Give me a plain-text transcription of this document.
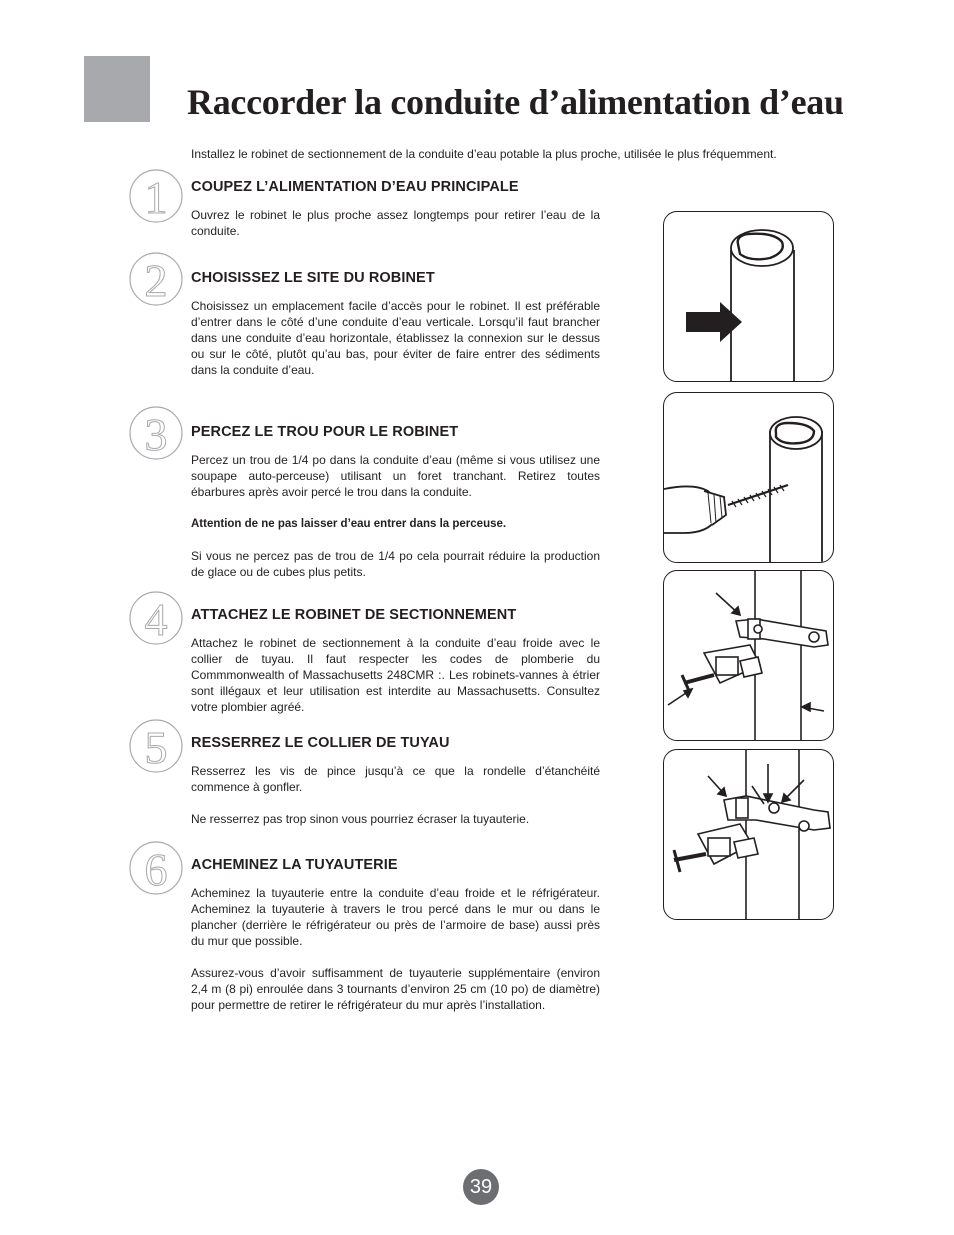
Raccorder la conduite d’alimentation d’eau

Installez le robinet de sectionnement de la conduite d’eau potable la plus proche, utilisée le plus fréquemment.

1 COUPEZ L’ALIMENTATION D’EAU PRINCIPALE

Ouvrez le robinet le plus proche assez longtemps pour retirer l’eau de la conduite.

2 CHOISISSEZ LE SITE DU ROBINET

Choisissez un emplacement facile d’accès pour le robinet. Il est préférable d’entrer dans le côté d’une conduite d’eau verticale. Lorsqu’il faut brancher dans une conduite d’eau horizontale, établissez la connexion sur le dessus ou sur le côté, plutôt qu’au bas, pour éviter de faire entrer des sédiments dans la conduite d’eau.

3 PERCEZ LE TROU POUR LE ROBINET

Percez un trou de 1/4 po dans la conduite d’eau (même si vous utilisez une soupape auto-perceuse) utilisant un foret tranchant. Retirez toutes ébarbures après avoir percé le trou dans la conduite.

Attention de ne pas laisser d’eau entrer dans la perceuse.

Si vous ne percez pas de trou de 1/4 po cela pourrait réduire la production de glace ou de cubes plus petits.

4 ATTACHEZ LE ROBINET DE SECTIONNEMENT

Attachez le robinet de sectionnement à la conduite d’eau froide avec le collier de tuyau. Il faut respecter les codes de plomberie du Commmonwealth of Massachusetts 248CMR :. Les robinets-vannes à étrier sont illégaux et leur utilisation est interdite au Massachusetts. Consultez votre plombier agréé.

5 RESSERREZ LE COLLIER DE TUYAU

Resserrez les vis de pince jusqu’à ce que la rondelle d’étanchéité commence à gonfler.

Ne resserrez pas trop sinon vous pourriez écraser la tuyauterie.

6 ACHEMINEZ LA TUYAUTERIE

Acheminez la tuyauterie entre la conduite d’eau froide et le réfrigérateur. Acheminez la tuyauterie à travers le trou percé dans le mur ou dans le plancher (derrière le réfrigérateur ou près de l’armoire de base) aussi près du mur que possible.

Assurez-vous d’avoir suffisamment de tuyauterie supplémentaire (environ 2,4 m (8 pi) enroulée dans 3 tournants d’environ 25 cm (10 po) de diamètre) pour permettre de retirer le réfrigérateur du mur après l’installation.

39
